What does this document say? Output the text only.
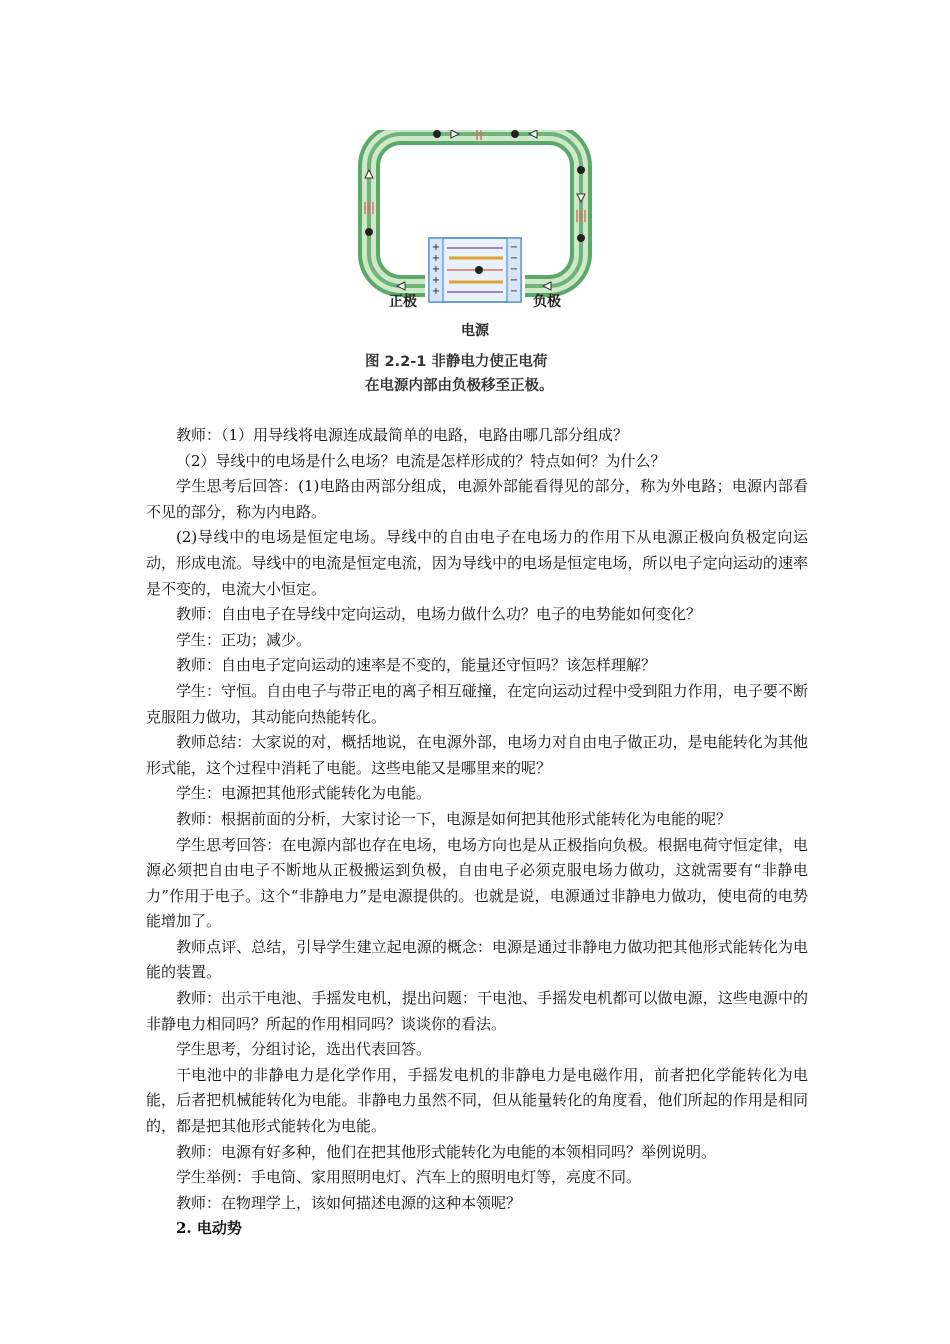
+
+
+
+
+
−
−
−
−
−
正极	负极
电源
图 2.2-1 非静电力使正电荷
在电源内部由负极移至正极。

教师：（1）用导线将电源连成最简单的电路，电路由哪几部分组成？

（2）导线中的电场是什么电场？电流是怎样形成的？特点如何？为什么？

学生思考后回答：(1)电路由两部分组成，电源外部能看得见的部分，称为外电路；电源内部看不见的部分，称为内电路。

(2)导线中的电场是恒定电场。导线中的自由电子在电场力的作用下从电源正极向负极定向运动，形成电流。导线中的电流是恒定电流，因为导线中的电场是恒定电场，所以电子定向运动的速率是不变的，电流大小恒定。

教师：自由电子在导线中定向运动，电场力做什么功？电子的电势能如何变化？

学生：正功；减少。

教师：自由电子定向运动的速率是不变的，能量还守恒吗？该怎样理解？

学生：守恒。自由电子与带正电的离子相互碰撞，在定向运动过程中受到阻力作用，电子要不断克服阻力做功，其动能向热能转化。

教师总结：大家说的对，概括地说，在电源外部，电场力对自由电子做正功，是电能转化为其他形式能，这个过程中消耗了电能。这些电能又是哪里来的呢？

学生：电源把其他形式能转化为电能。

教师：根据前面的分析，大家讨论一下，电源是如何把其他形式能转化为电能的呢？

学生思考回答：在电源内部也存在电场，电场方向也是从正极指向负极。根据电荷守恒定律，电源必须把自由电子不断地从正极搬运到负极，自由电子必须克服电场力做功，这就需要有“非静电力”作用于电子。这个“非静电力”是电源提供的。也就是说，电源通过非静电力做功，使电荷的电势能增加了。

教师点评、总结，引导学生建立起电源的概念：电源是通过非静电力做功把其他形式能转化为电能的装置。

教师：出示干电池、手摇发电机，提出问题：干电池、手摇发电机都可以做电源，这些电源中的非静电力相同吗？所起的作用相同吗？谈谈你的看法。

学生思考，分组讨论，选出代表回答。

干电池中的非静电力是化学作用，手摇发电机的非静电力是电磁作用，前者把化学能转化为电能，后者把机械能转化为电能。非静电力虽然不同，但从能量转化的角度看，他们所起的作用是相同的，都是把其他形式能转化为电能。

教师：电源有好多种，他们在把其他形式能转化为电能的本领相同吗？举例说明。

学生举例：手电筒、家用照明电灯、汽车上的照明电灯等，亮度不同。

教师：在物理学上，该如何描述电源的这种本领呢？

2. 电动势
